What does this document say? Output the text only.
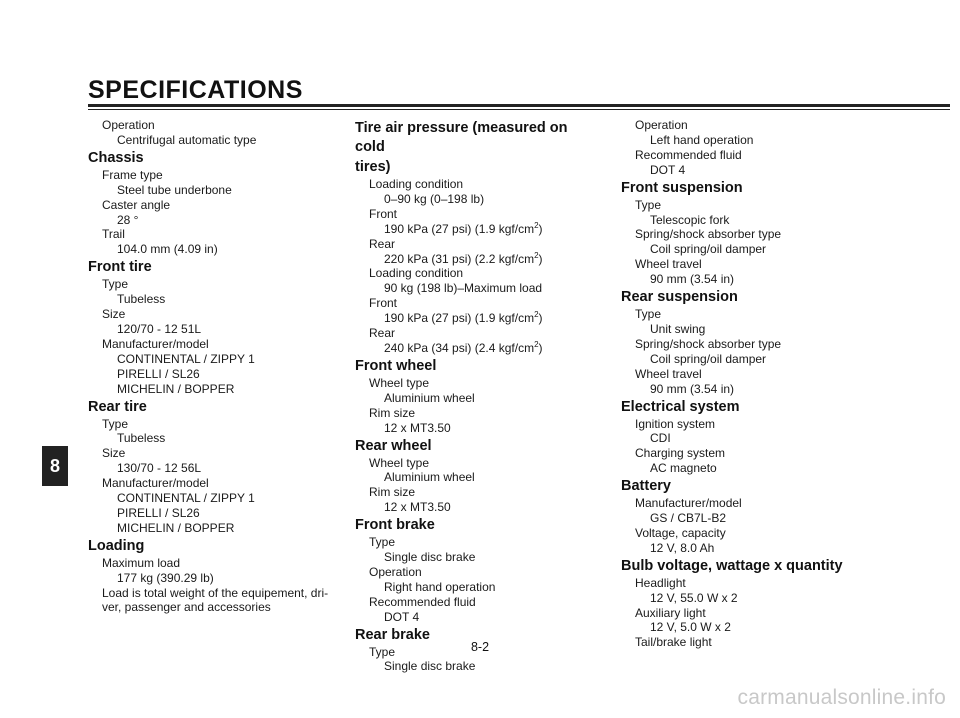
SPECIFICATIONS
8
Operation
Centrifugal automatic type
Chassis
Frame type
Steel tube underbone
Caster angle
28 °
Trail
104.0 mm (4.09 in)
Front tire
Type
Tubeless
Size
120/70 - 12 51L
Manufacturer/model
CONTINENTAL / ZIPPY 1
PIRELLI / SL26
MICHELIN / BOPPER
Rear tire
Type
Tubeless
Size
130/70 - 12 56L
Manufacturer/model
CONTINENTAL / ZIPPY 1
PIRELLI / SL26
MICHELIN / BOPPER
Loading
Maximum load
177 kg (390.29 lb)
Load is total weight of the equipement, dri-
ver, passenger and accessories
Tire air pressure (measured on cold
tires)
Loading condition
0–90 kg (0–198 lb)
Front
190 kPa (27 psi) (1.9 kgf/$cm^2$)
Rear
220 kPa (31 psi) (2.2 kgf/$cm^2$)
Loading condition
90 kg (198 lb)–Maximum load
Front
190 kPa (27 psi) (1.9 kgf/$cm^2$)
Rear
240 kPa (34 psi) (2.4 kgf/$cm^2$)
Front wheel
Wheel type
Aluminium wheel
Rim size
12 x MT3.50
Rear wheel
Wheel type
Aluminium wheel
Rim size
12 x MT3.50
Front brake
Type
Single disc brake
Operation
Right hand operation
Recommended fluid
DOT 4
Rear brake
Type
Single disc brake
Operation
Left hand operation
Recommended fluid
DOT 4
Front suspension
Type
Telescopic fork
Spring/shock absorber type
Coil spring/oil damper
Wheel travel
90 mm (3.54 in)
Rear suspension
Type
Unit swing
Spring/shock absorber type
Coil spring/oil damper
Wheel travel
90 mm (3.54 in)
Electrical system
Ignition system
CDI
Charging system
AC magneto
Battery
Manufacturer/model
GS / CB7L-B2
Voltage, capacity
12 V, 8.0 Ah
Bulb voltage, wattage x quantity
Headlight
12 V, 55.0 W x 2
Auxiliary light
12 V, 5.0 W x 2
Tail/brake light
8-2
carmanualsonline.info
